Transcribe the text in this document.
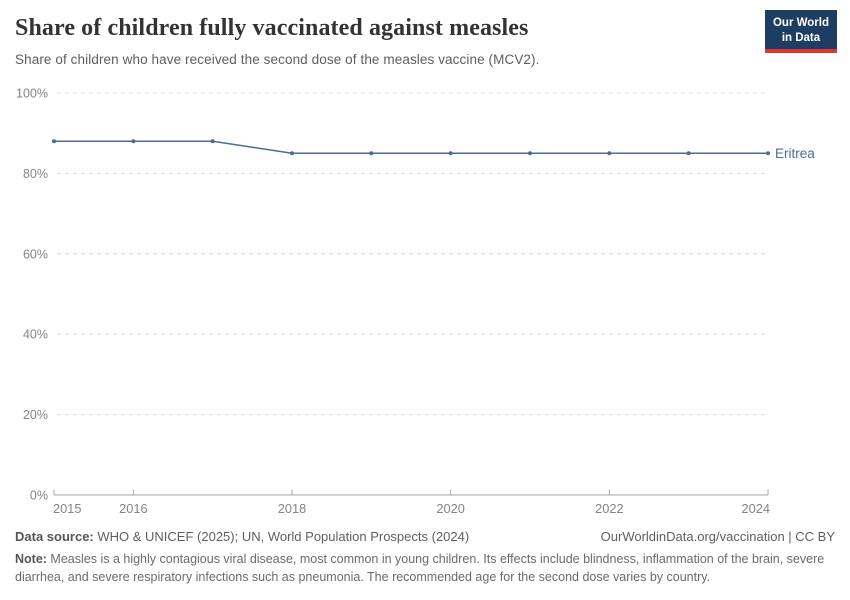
Share of children fully vaccinated against measles

Share of children who have received the second dose of the measles vaccine (MCV2).

Our World
in Data
0%
20%
40%
60%
80%
100%
2015	2016	2018	2020	2022	2024
Eritrea
Data source: WHO & UNICEF (2025); UN, World Population Prospects (2024)	OurWorldinData.org/vaccination | CC BY
Note: Measles is a highly contagious viral disease, most common in young children. Its effects include blindness, inflammation of the brain, severe diarrhea, and severe respiratory infections such as pneumonia. The recommended age for the second dose varies by country.
